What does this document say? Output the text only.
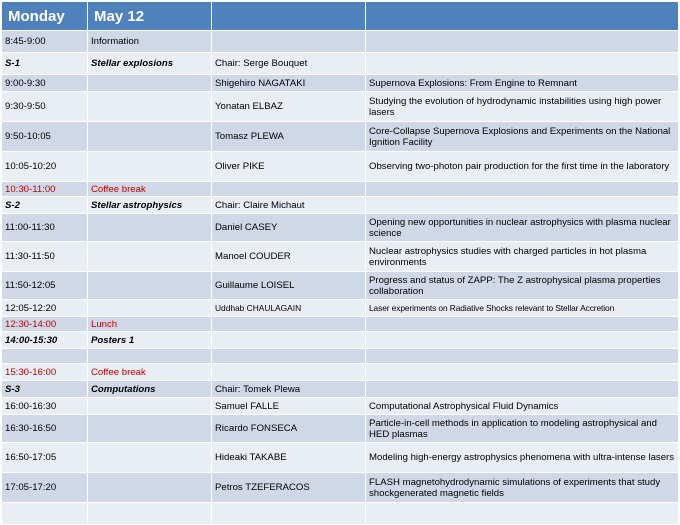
Monday	May 12		
8:45-9:00	Information		
S-1	Stellar explosions	Chair: Serge Bouquet	
9:00-9:30		Shigehiro NAGATAKI	Supernova Explosions: From Engine to Remnant
9:30-9:50		Yonatan ELBAZ	Studying the evolution of hydrodynamic instabilities using high power lasers
9:50-10:05		Tomasz PLEWA	Core-Collapse Supernova Explosions and Experiments on the National Ignition Facility
10:05-10:20		Oliver PIKE	Observing two-photon pair production for the first time in the laboratory
10:30-11:00	Coffee break		
S-2	Stellar astrophysics	Chair: Claire Michaut	
11:00-11:30		Daniel CASEY	Opening new opportunities in nuclear astrophysics with plasma nuclear science
11:30-11:50		Manoel COUDER	Nuclear astrophysics studies with charged particles in hot plasma environments
11:50-12:05		Guillaume LOISEL	Progress and status of ZAPP: The Z astrophysical plasma properties collaboration
12:05-12:20		Uddhab CHAULAGAIN	Laser experiments on Radiative Shocks relevant to Stellar Accretion
12:30-14:00	Lunch		
14:00-15:30	Posters 1		

15:30-16:00	Coffee break		
S-3	Computations	Chair: Tomek Plewa	
16:00-16:30		Samuel FALLE	Computational Astrophysical Fluid Dynamics
16:30-16:50		Ricardo FONSECA	Particle-in-cell methods in application to modeling astrophysical and HED plasmas
16:50-17:05		Hideaki TAKABE	Modeling high-energy astrophysics phenomena with ultra-intense lasers
17:05-17:20		Petros TZEFERACOS	FLASH magnetohydrodynamic simulations of experiments that study shockgenerated magnetic fields
